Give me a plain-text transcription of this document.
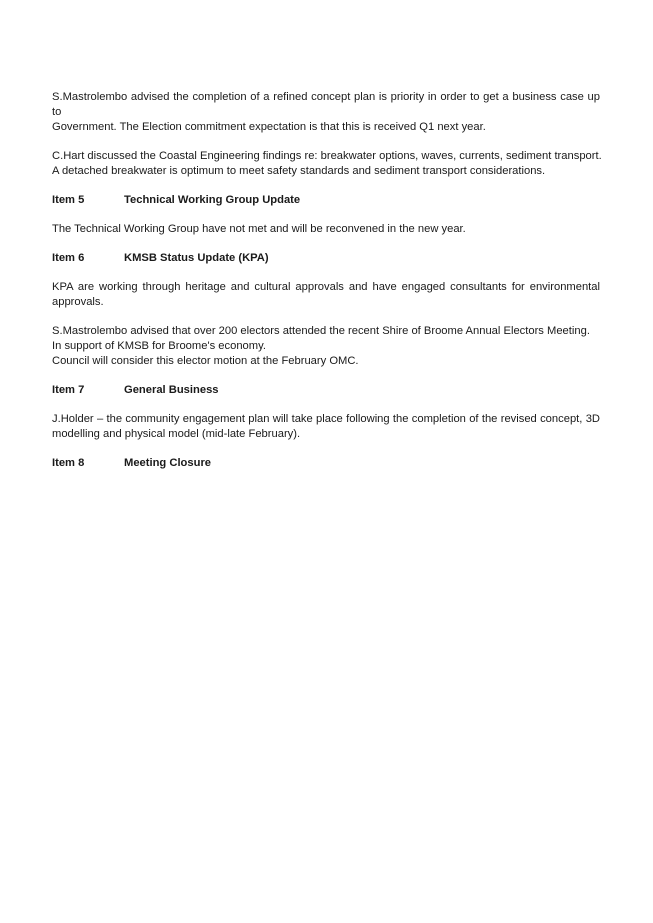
S.Mastrolembo advised the completion of a refined concept plan is priority in order to get a business case up to
Government. The Election commitment expectation is that this is received Q1 next year.

C.Hart discussed the Coastal Engineering findings re: breakwater options, waves, currents, sediment transport.
A detached breakwater is optimum to meet safety standards and sediment transport considerations.

Item 5	Technical Working Group Update

The Technical Working Group have not met and will be reconvened in the new year.

Item 6	KMSB Status Update (KPA)

KPA are working through heritage and cultural approvals and have engaged consultants for environmental
approvals.

S.Mastrolembo advised that over 200 electors attended the recent Shire of Broome Annual Electors Meeting.
In support of KMSB for Broome's economy.
Council will consider this elector motion at the February OMC.

Item 7	General Business

J.Holder – the community engagement plan will take place following the completion of the revised concept, 3D
modelling and physical model (mid-late February).

Item 8	Meeting Closure
